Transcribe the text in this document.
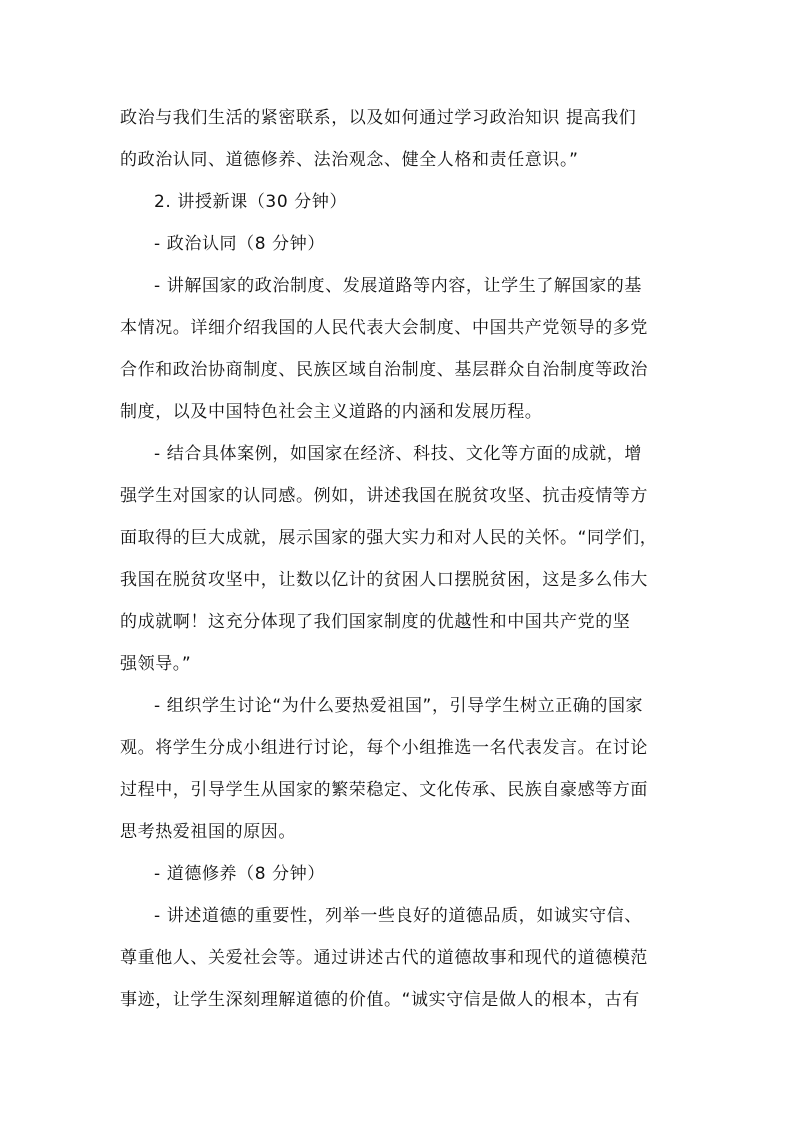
政治与我们生活的紧密联系，以及如何通过学习政治知识 提高我们
的政治认同、道德修养、法治观念、健全人格和责任意识。”
2. 讲授新课（30 分钟）
- 政治认同（8 分钟）
- 讲解国家的政治制度、发展道路等内容，让学生了解国家的基
本情况。详细介绍我国的人民代表大会制度、中国共产党领导的多党
合作和政治协商制度、民族区域自治制度、基层群众自治制度等政治
制度，以及中国特色社会主义道路的内涵和发展历程。
- 结合具体案例，如国家在经济、科技、文化等方面的成就，增
强学生对国家的认同感。例如，讲述我国在脱贫攻坚、抗击疫情等方
面取得的巨大成就，展示国家的强大实力和对人民的关怀。“同学们，
我国在脱贫攻坚中，让数以亿计的贫困人口摆脱贫困，这是多么伟大
的成就啊！这充分体现了我们国家制度的优越性和中国共产党的坚
强领导。”
- 组织学生讨论“为什么要热爱祖国”，引导学生树立正确的国家
观。将学生分成小组进行讨论，每个小组推选一名代表发言。在讨论
过程中，引导学生从国家的繁荣稳定、文化传承、民族自豪感等方面
思考热爱祖国的原因。
- 道德修养（8 分钟）
- 讲述道德的重要性，列举一些良好的道德品质，如诚实守信、
尊重他人、关爱社会等。通过讲述古代的道德故事和现代的道德模范
事迹，让学生深刻理解道德的价值。“诚实守信是做人的根本，古有
